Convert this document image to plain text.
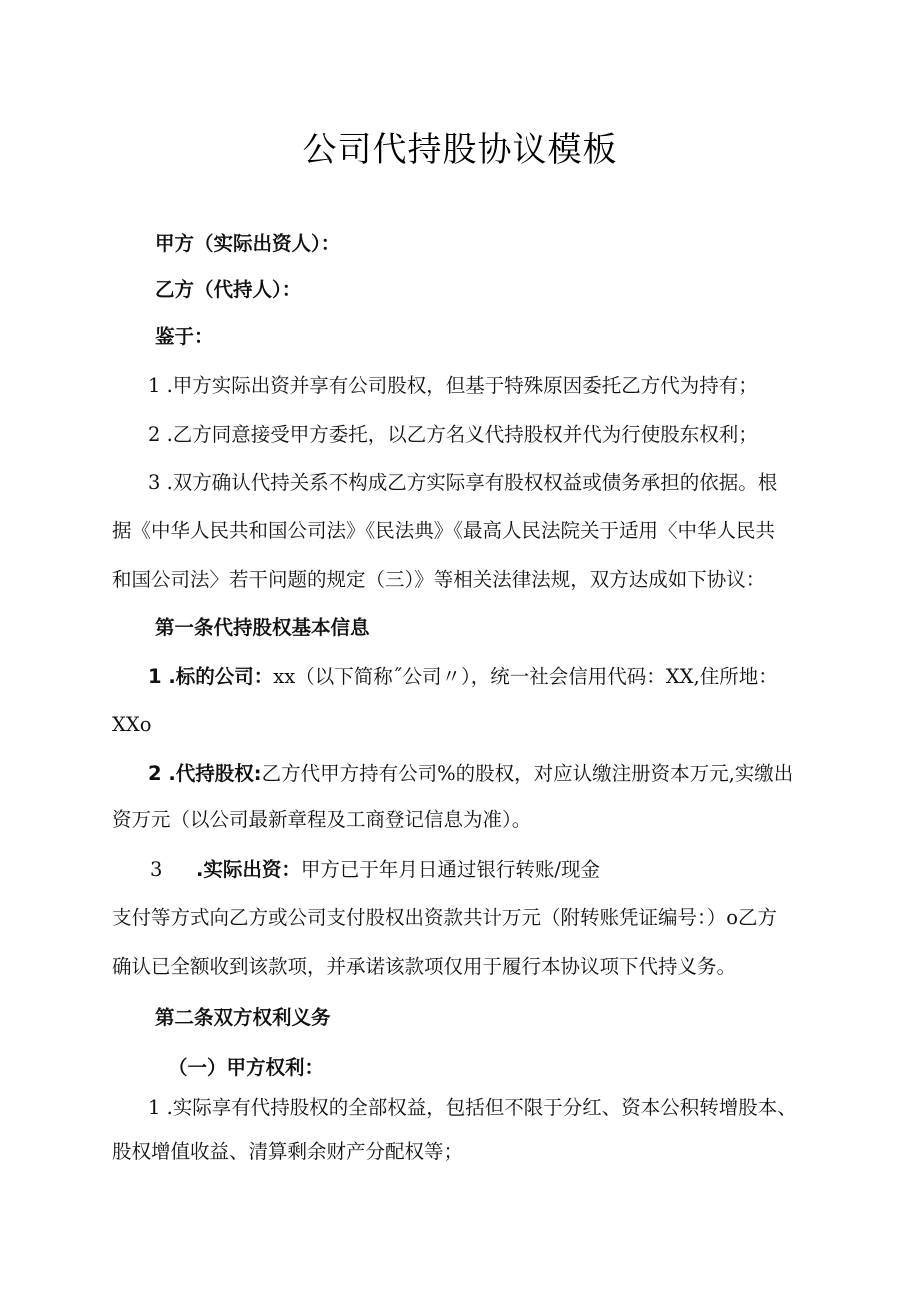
公司代持股协议模板

甲方（实际出资人）：

乙方（代持人）：

鉴于：

1 .甲方实际出资并享有公司股权，但基于特殊原因委托乙方代为持有；

2 .乙方同意接受甲方委托，以乙方名义代持股权并代为行使股东权利；

3 .双方确认代持关系不构成乙方实际享有股权权益或债务承担的依据。根

据《中华人民共和国公司法》《民法典》《最高人民法院关于适用〈中华人民共

和国公司法〉若干问题的规定（三）》等相关法律法规，双方达成如下协议：

第一条代持股权基本信息

1 .标的公司：xx（以下简称˝公司〃），统一社会信用代码：XX,住所地：

XXo

2 .代持股权:乙方代甲方持有公司%的股权，对应认缴注册资本万元,实缴出

资万元（以公司最新章程及工商登记信息为准）。

3 .实际出资：甲方已于年月日通过银行转账/现金

支付等方式向乙方或公司支付股权出资款共计万元（附转账凭证编号：）o乙方

确认已全额收到该款项，并承诺该款项仅用于履行本协议项下代持义务。

第二条双方权利义务

（一）甲方权利：

1 .实际享有代持股权的全部权益，包括但不限于分红、资本公积转增股本、

股权增值收益、清算剩余财产分配权等；
